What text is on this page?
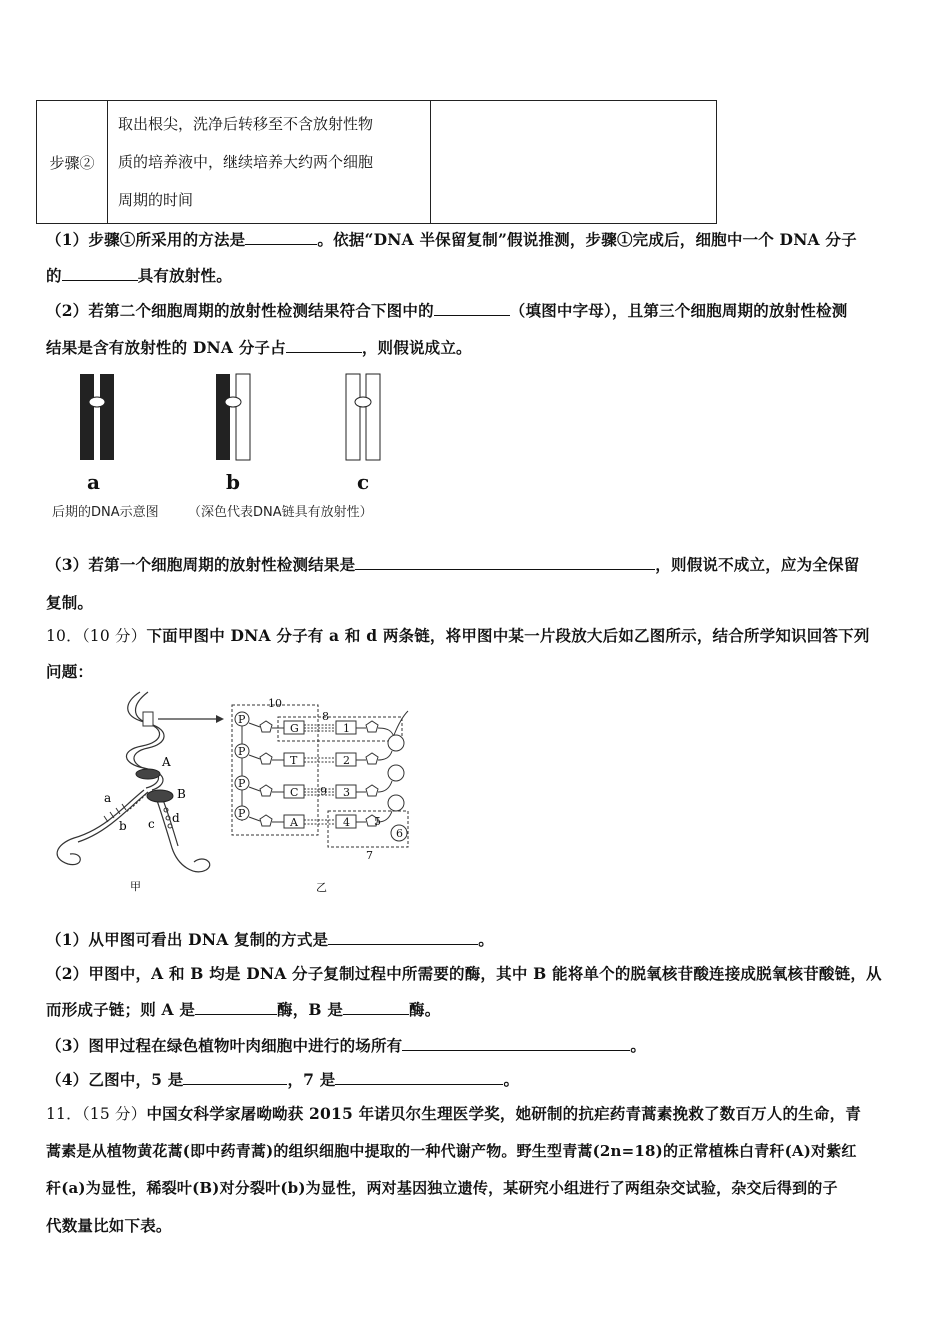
步骤②	
取出根尖，洗净后转移至不含放射性物
质的培养液中，继续培养大约两个细胞
周期的时间

（1）步骤①所采用的方法是	。依据“DNA 半保留复制”假说推测，步骤①完成后，细胞中一个 DNA 分子
的	具有放射性。
（2）若第二个细胞周期的放射性检测结果符合下图中的	（填图中字母），且第三个细胞周期的放射性检测
结果是含有放射性的 DNA 分子占	，则假说成立。
a	b	c
后期的DNA示意图 （深色代表DNA链具有放射性）
（3）若第一个细胞周期的放射性检测结果是	，则假说不成立，应为全保留
复制。
10．（10 分）下面甲图中 DNA 分子有 a 和 d 两条链，将甲图中某一片段放大后如乙图所示，结合所学知识回答下列
问题：
A
B
a
b c d
甲
P
P
P
P
G
T
C
A
1
2
3
4 5
6
7
8
9
10
乙
（1）从甲图可看出 DNA 复制的方式是	。
（2）甲图中，A 和 B 均是 DNA 分子复制过程中所需要的酶，其中 B 能将单个的脱氧核苷酸连接成脱氧核苷酸链，从
而形成子链；则 A 是	酶，B 是	酶。
（3）图甲过程在绿色植物叶肉细胞中进行的场所有	。
（4）乙图中，5 是	，7 是	。
11．（15 分）中国女科学家屠呦呦获 2015 年诺贝尔生理医学奖，她研制的抗疟药青蒿素挽救了数百万人的生命，青
蒿素是从植物黄花蒿(即中药青蒿)的组织细胞中提取的一种代谢产物。野生型青蒿(2n=18)的正常植株白青秆(A)对紫红
秆(a)为显性，稀裂叶(B)对分裂叶(b)为显性，两对基因独立遗传，某研究小组进行了两组杂交试验，杂交后得到的子
代数量比如下表。
